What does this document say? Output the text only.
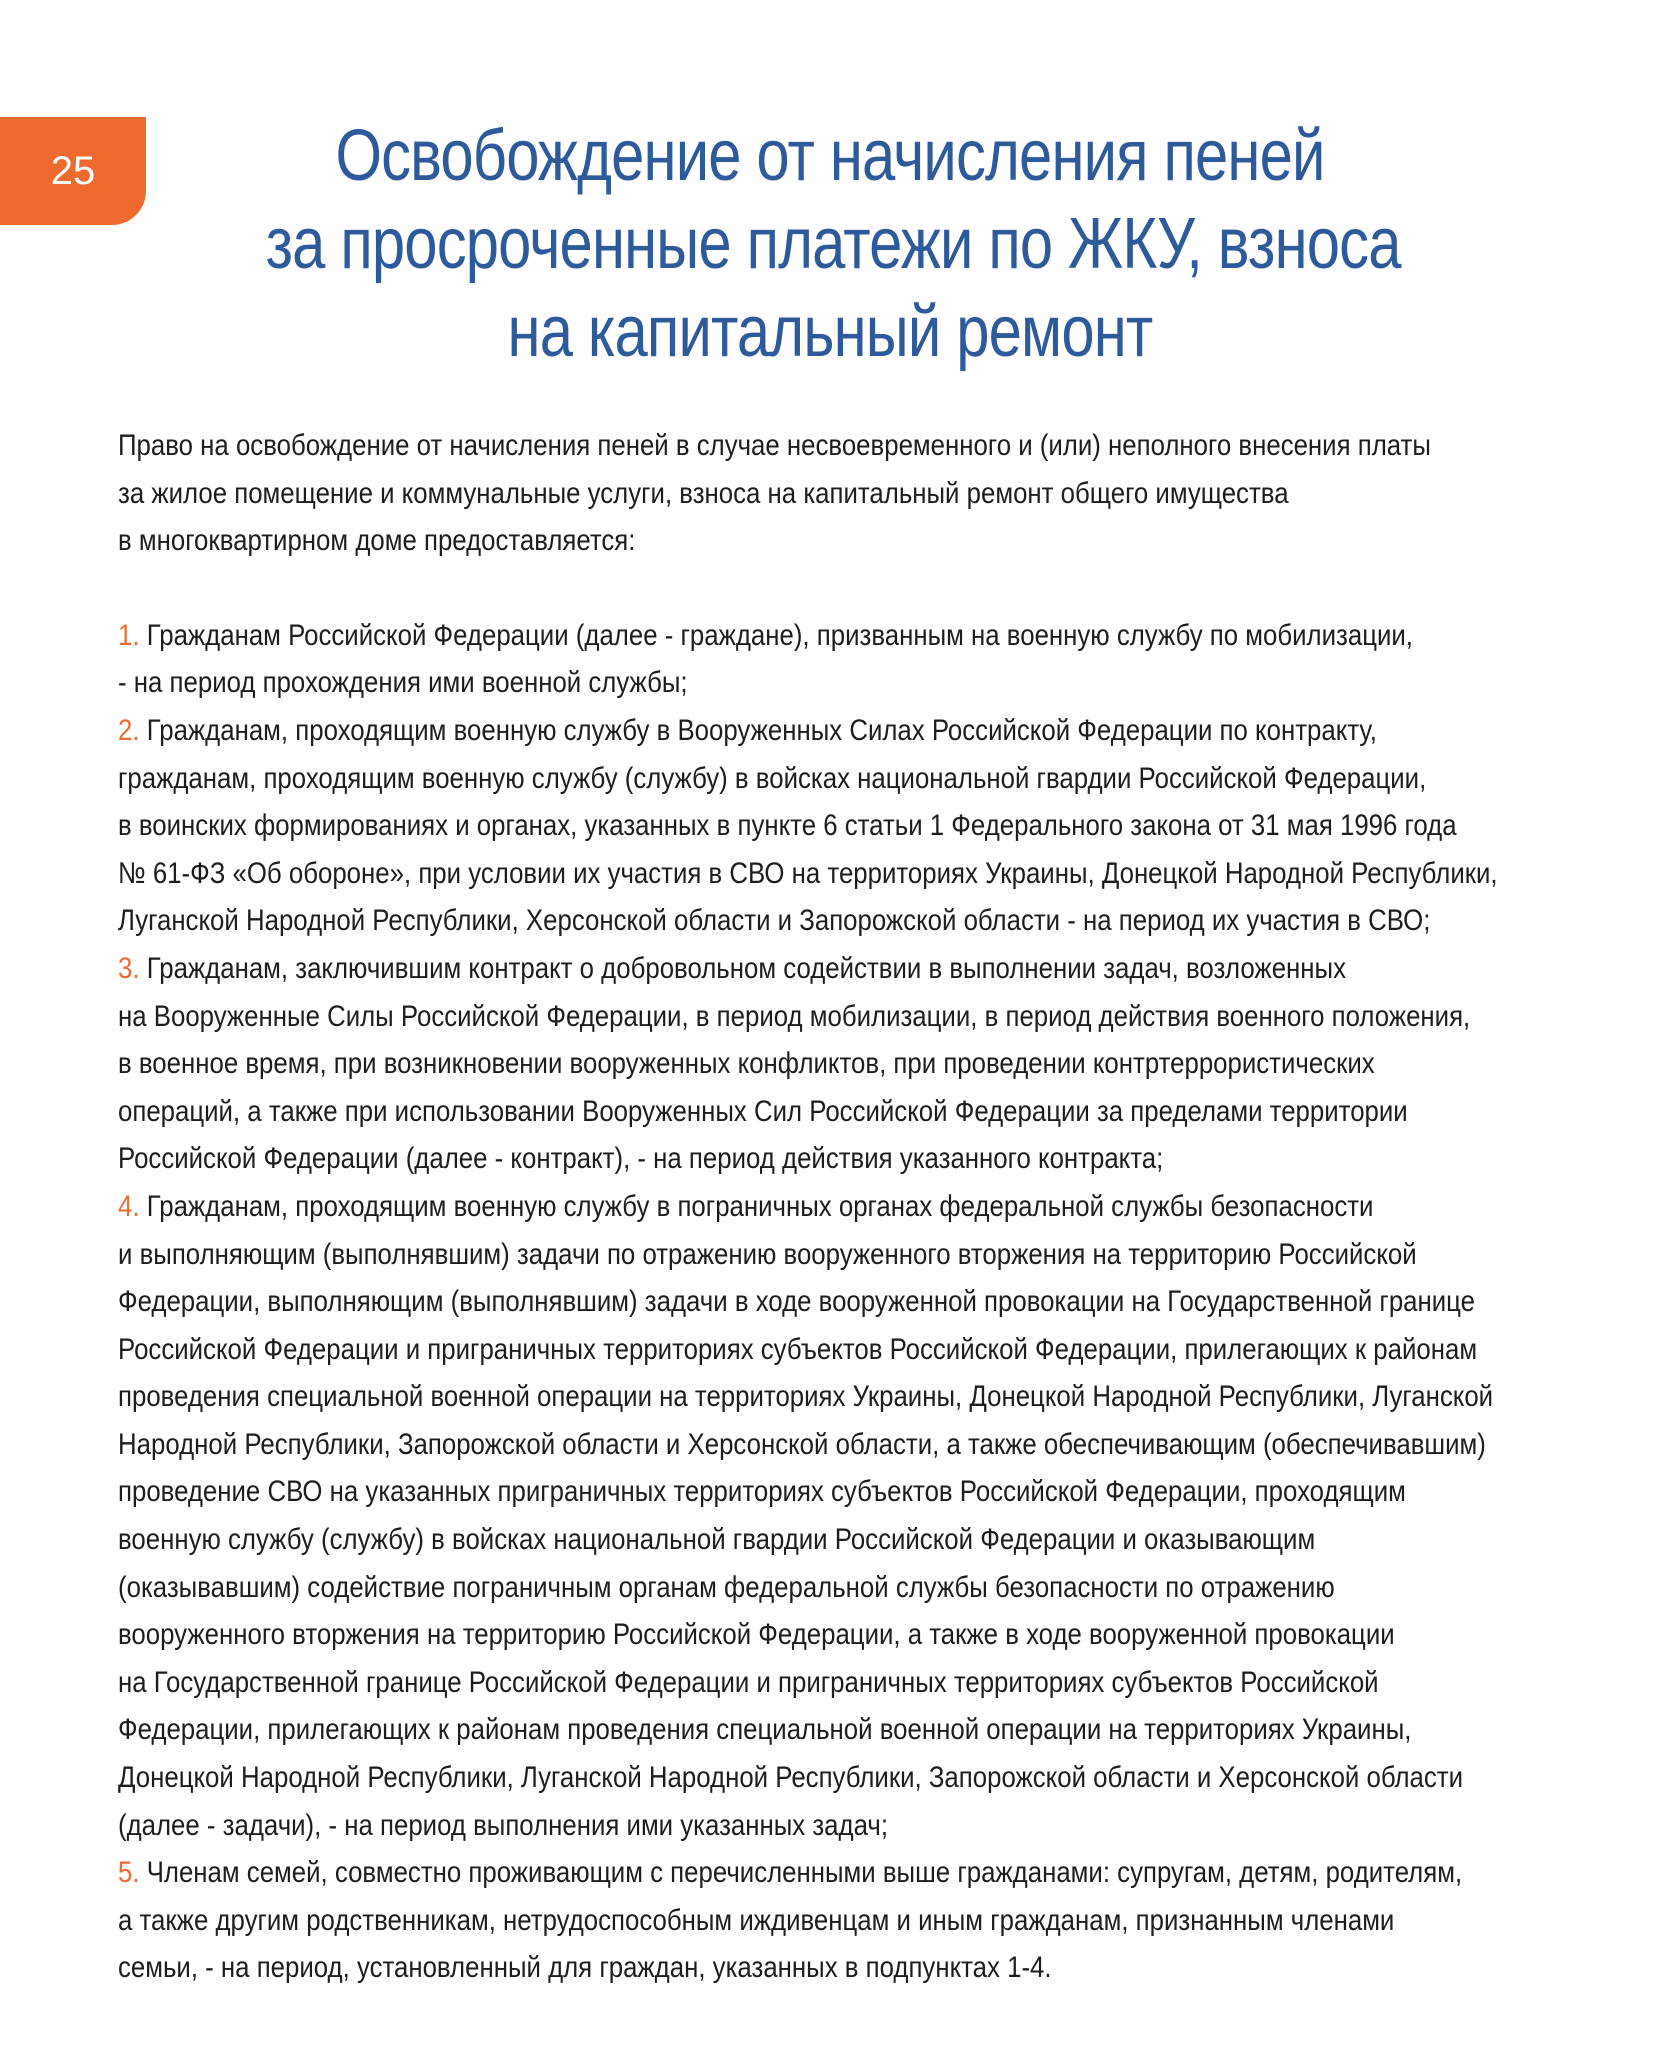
25	Освобождение от начисления пеней
за просроченные платежи по ЖКУ, взноса
на капитальный ремонт
Право на освобождение от начисления пеней в случае несвоевременного и (или) неполного внесения платы
за жилое помещение и коммунальные услуги, взноса на капитальный ремонт общего имущества
в многоквартирном доме предоставляется:
1. Гражданам Российской Федерации (далее - граждане), призванным на военную службу по мобилизации,
- на период прохождения ими военной службы;
2. Гражданам, проходящим военную службу в Вооруженных Силах Российской Федерации по контракту,
гражданам, проходящим военную службу (службу) в войсках национальной гвардии Российской Федерации,
в воинских формированиях и органах, указанных в пункте 6 статьи 1 Федерального закона от 31 мая 1996 года
№ 61-ФЗ «Об обороне», при условии их участия в СВО на территориях Украины, Донецкой Народной Республики,
Луганской Народной Республики, Херсонской области и Запорожской области - на период их участия в СВО;
3. Гражданам, заключившим контракт о добровольном содействии в выполнении задач, возложенных
на Вооруженные Силы Российской Федерации, в период мобилизации, в период действия военного положения,
в военное время, при возникновении вооруженных конфликтов, при проведении контртеррористических
операций, а также при использовании Вооруженных Сил Российской Федерации за пределами территории
Российской Федерации (далее - контракт), - на период действия указанного контракта;
4. Гражданам, проходящим военную службу в пограничных органах федеральной службы безопасности
и выполняющим (выполнявшим) задачи по отражению вооруженного вторжения на территорию Российской
Федерации, выполняющим (выполнявшим) задачи в ходе вооруженной провокации на Государственной границе
Российской Федерации и приграничных территориях субъектов Российской Федерации, прилегающих к районам
проведения специальной военной операции на территориях Украины, Донецкой Народной Республики, Луганской
Народной Республики, Запорожской области и Херсонской области, а также обеспечивающим (обеспечивавшим)
проведение СВО на указанных приграничных территориях субъектов Российской Федерации, проходящим
военную службу (службу) в войсках национальной гвардии Российской Федерации и оказывающим
(оказывавшим) содействие пограничным органам федеральной службы безопасности по отражению
вооруженного вторжения на территорию Российской Федерации, а также в ходе вооруженной провокации
на Государственной границе Российской Федерации и приграничных территориях субъектов Российской
Федерации, прилегающих к районам проведения специальной военной операции на территориях Украины,
Донецкой Народной Республики, Луганской Народной Республики, Запорожской области и Херсонской области
(далее - задачи), - на период выполнения ими указанных задач;
5. Членам семей, совместно проживающим с перечисленными выше гражданами: супругам, детям, родителям,
а также другим родственникам, нетрудоспособным иждивенцам и иным гражданам, признанным членами
семьи, - на период, установленный для граждан, указанных в подпунктах 1-4.
